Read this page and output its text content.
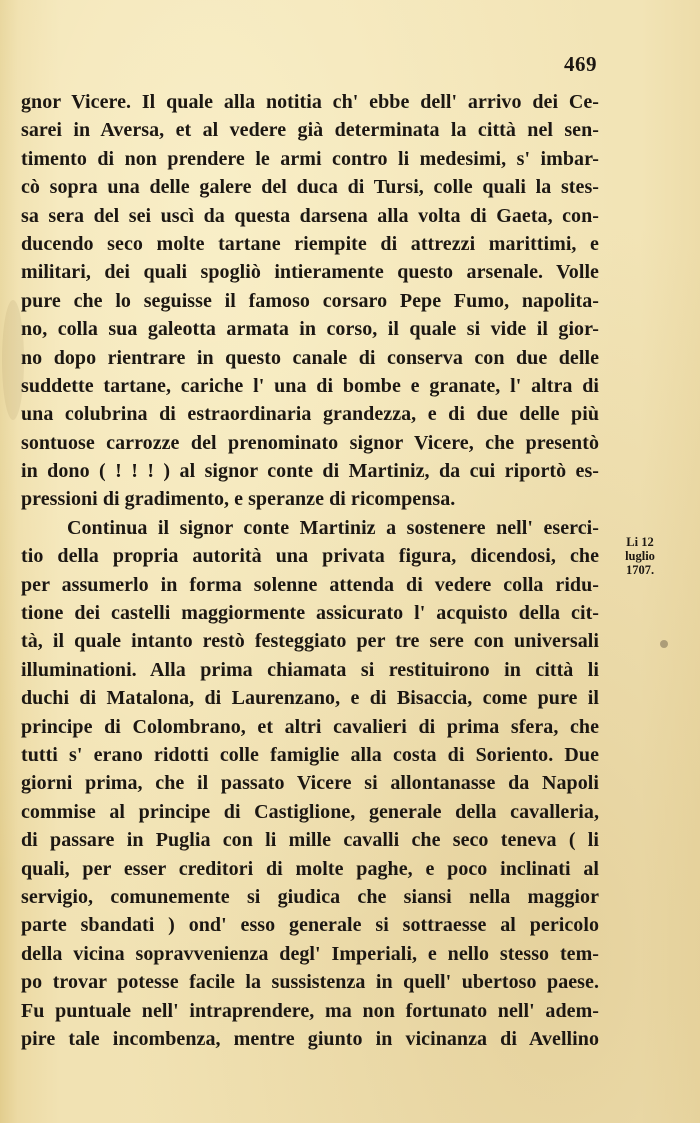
469
gnor Vicere. Il quale alla notitia ch' ebbe dell' arrivo dei Ce-
sarei in Aversa, et al vedere già determinata la città nel sen-
timento di non prendere le armi contro li medesimi, s' imbar-
cò sopra una delle galere del duca di Tursi, colle quali la stes-
sa sera del sei uscì da questa darsena alla volta di Gaeta, con-
ducendo seco molte tartane riempite di attrezzi marittimi, e
militari, dei quali spogliò intieramente questo arsenale. Volle
pure che lo seguisse il famoso corsaro Pepe Fumo, napolita-
no, colla sua galeotta armata in corso, il quale si vide il gior-
no dopo rientrare in questo canale di conserva con due delle
suddette tartane, cariche l' una di bombe e granate, l' altra di
una colubrina di estraordinaria grandezza, e di due delle più
sontuose carrozze del prenominato signor Vicere, che presentò
in dono ( ! ! ! ) al signor conte di Martiniz, da cui riportò es-
pressioni di gradimento, e speranze di ricompensa.
Continua il signor conte Martiniz a sostenere nell' eserci-
tio della propria autorità una privata figura, dicendosi, che
per assumerlo in forma solenne attenda di vedere colla ridu-
tione dei castelli maggiormente assicurato l' acquisto della cit-
tà, il quale intanto restò festeggiato per tre sere con universali
illuminationi. Alla prima chiamata si restituirono in città li
duchi di Matalona, di Laurenzano, e di Bisaccia, come pure il
principe di Colombrano, et altri cavalieri di prima sfera, che
tutti s' erano ridotti colle famiglie alla costa di Soriento. Due
giorni prima, che il passato Vicere si allontanasse da Napoli
commise al principe di Castiglione, generale della cavalleria,
di passare in Puglia con li mille cavalli che seco teneva ( li
quali, per esser creditori di molte paghe, e poco inclinati al
servigio, comunemente si giudica che siansi nella maggior
parte sbandati ) ond' esso generale si sottraesse al pericolo
della vicina sopravvenienza degl' Imperiali, e nello stesso tem-
po trovar potesse facile la sussistenza in quell' ubertoso paese.
Fu puntuale nell' intraprendere, ma non fortunato nell' adem-
pire tale incombenza, mentre giunto in vicinanza di Avellino
Li 12
luglio
1707.
